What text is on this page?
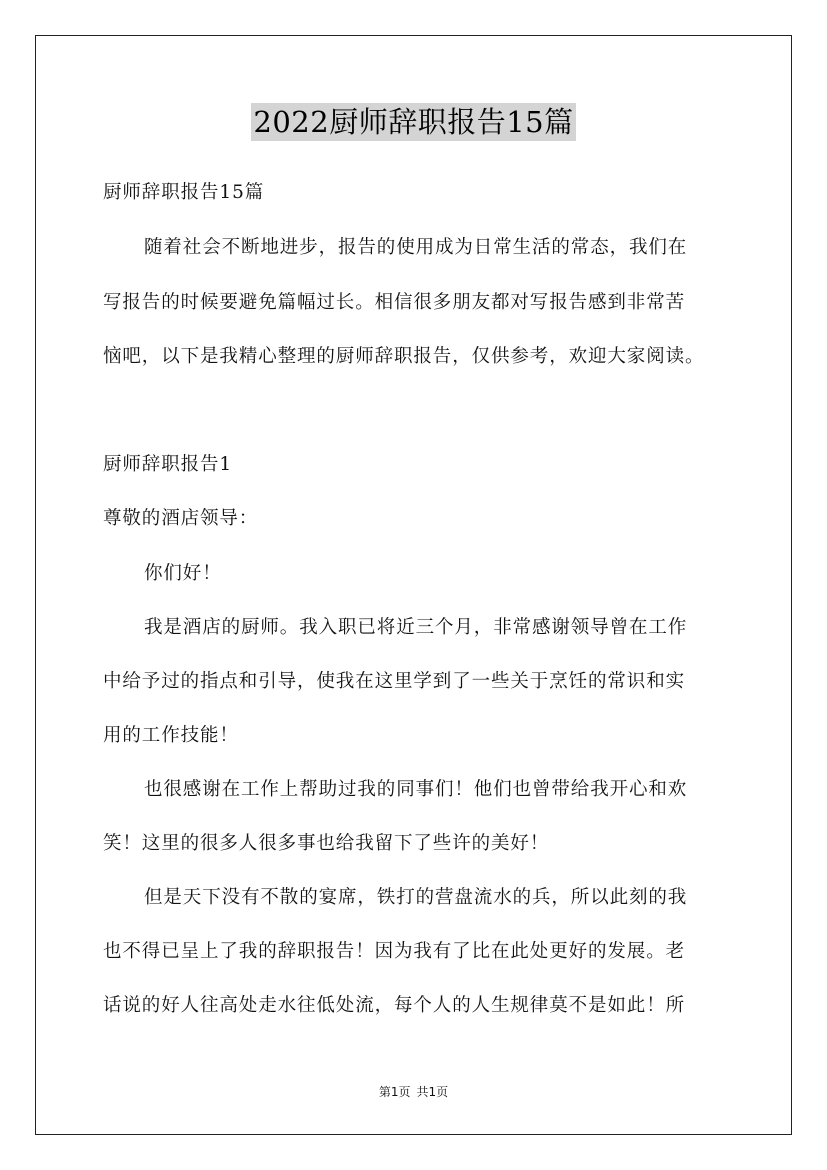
2022厨师辞职报告15篇
厨师辞职报告15篇
随着社会不断地进步，报告的使用成为日常生活的常态，我们在
写报告的时候要避免篇幅过长。相信很多朋友都对写报告感到非常苦
恼吧，以下是我精心整理的厨师辞职报告，仅供参考，欢迎大家阅读。
厨师辞职报告1
尊敬的酒店领导：
你们好！
我是酒店的厨师。我入职已将近三个月，非常感谢领导曾在工作
中给予过的指点和引导，使我在这里学到了一些关于烹饪的常识和实
用的工作技能！
也很感谢在工作上帮助过我的同事们！他们也曾带给我开心和欢
笑！这里的很多人很多事也给我留下了些许的美好！
但是天下没有不散的宴席，铁打的营盘流水的兵，所以此刻的我
也不得已呈上了我的辞职报告！因为我有了比在此处更好的发展。老
话说的好人往高处走水往低处流，每个人的人生规律莫不是如此！所
第1页 共1页
